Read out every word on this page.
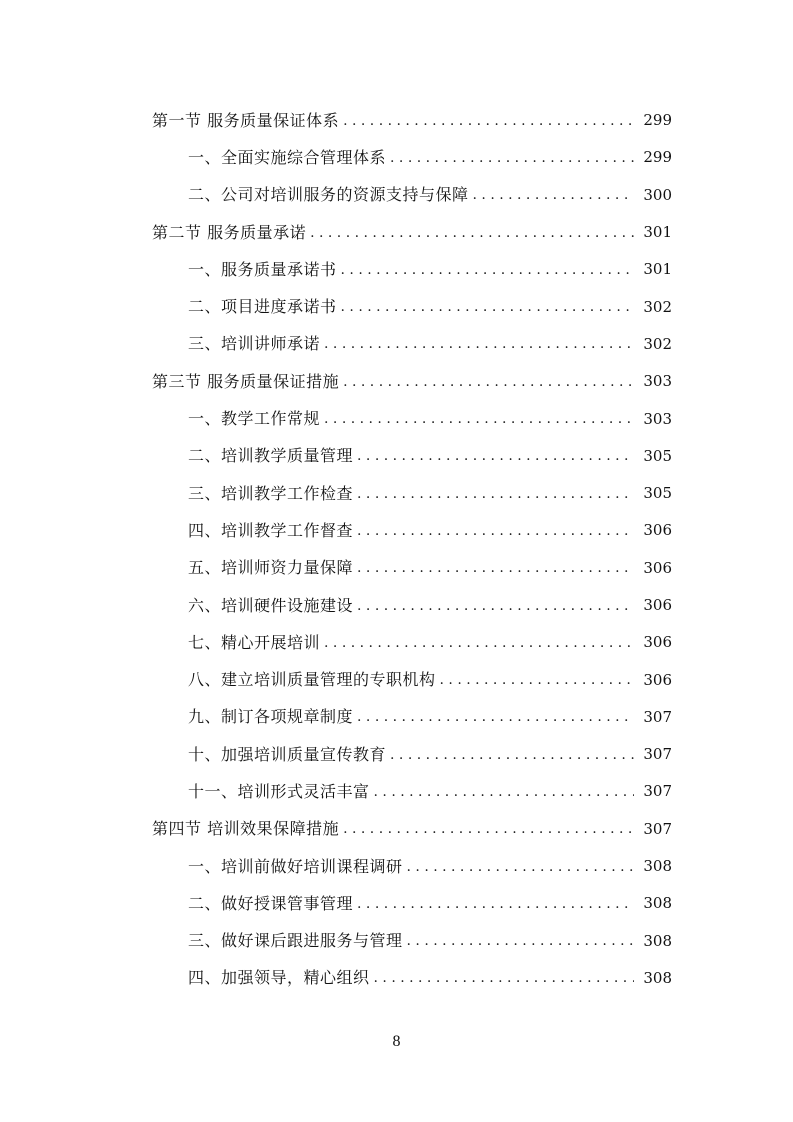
第一节 服务质量保证体系 . . .	299
一、全面实施综合管理体系 . . .	299
二、公司对培训服务的资源支持与保障 . . .	300
第二节 服务质量承诺 . . .	301
一、服务质量承诺书 . . .	301
二、项目进度承诺书 . . .	302
三、培训讲师承诺 . . .	302
第三节 服务质量保证措施 . . .	303
一、教学工作常规 . . .	303
二、培训教学质量管理 . . .	305
三、培训教学工作检查 . . .	305
四、培训教学工作督查 . . .	306
五、培训师资力量保障 . . .	306
六、培训硬件设施建设 . . .	306
七、精心开展培训 . . .	306
八、建立培训质量管理的专职机构 . . .	306
九、制订各项规章制度 . . .	307
十、加强培训质量宣传教育 . . .	307
十一、培训形式灵活丰富 . . .	307
第四节 培训效果保障措施 . . .	307
一、培训前做好培训课程调研 . . .	308
二、做好授课管事管理 . . .	308
三、做好课后跟进服务与管理 . . .	308
四、加强领导，精心组织 . . .	308
8
